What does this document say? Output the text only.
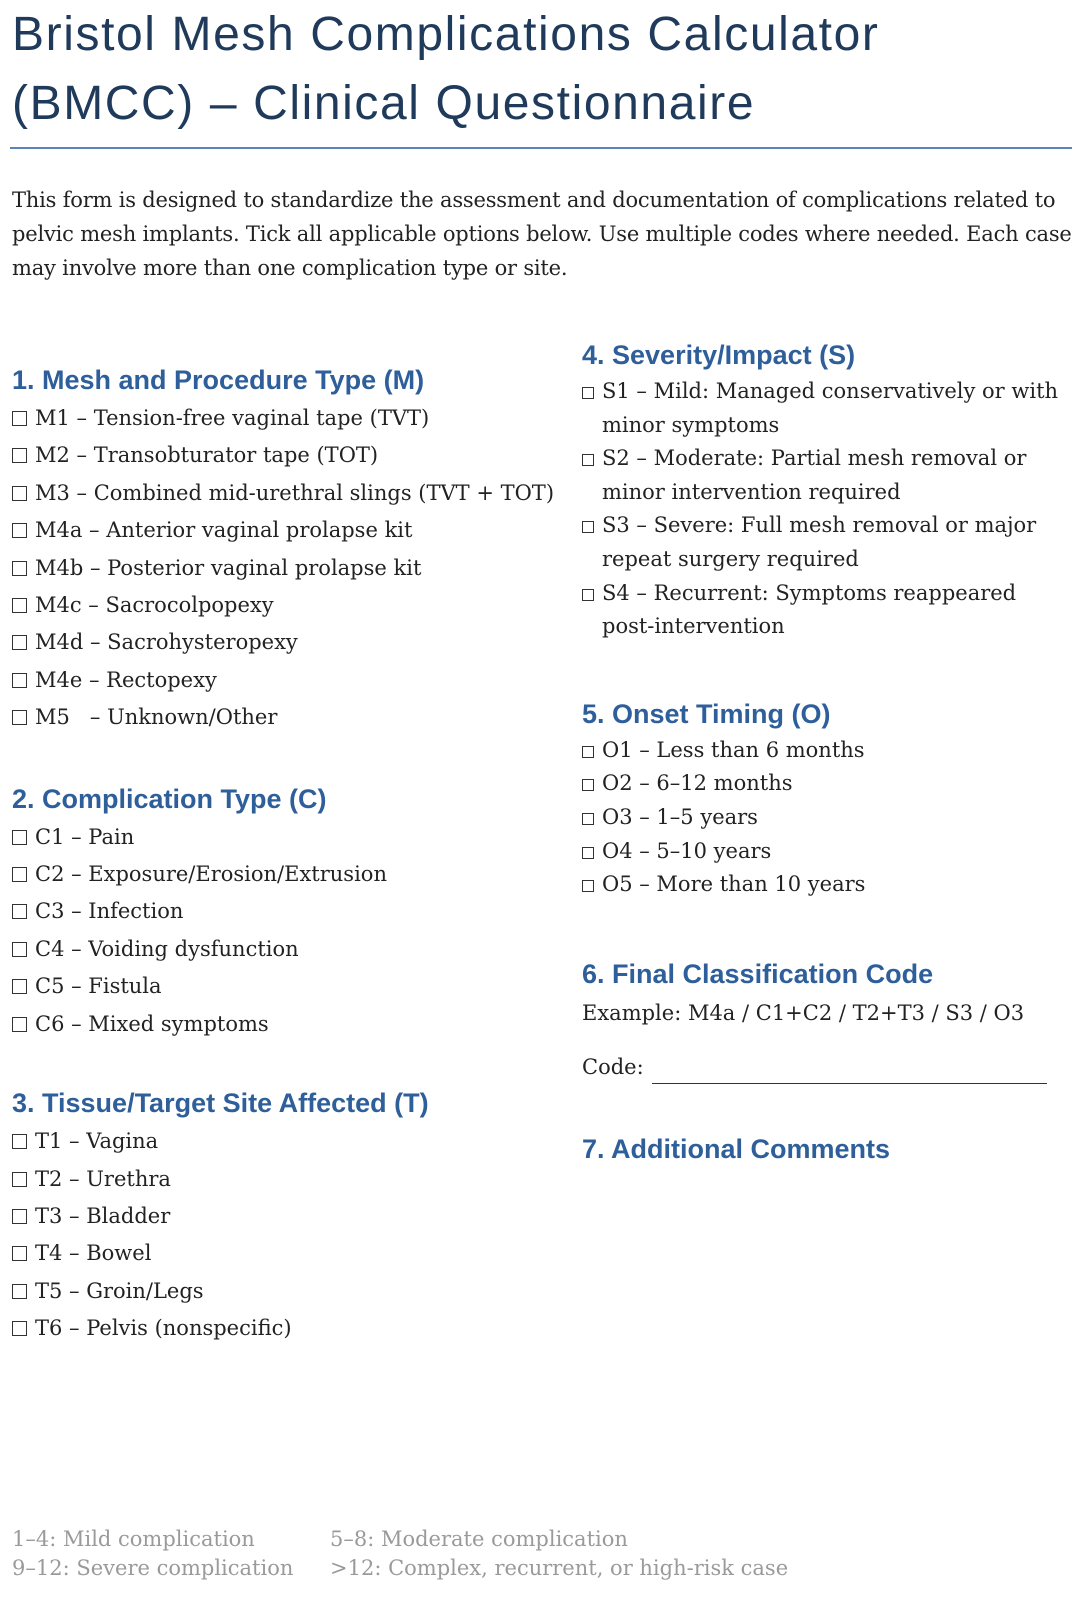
Bristol Mesh Complications Calculator
(BMCC) – Clinical Questionnaire

This form is designed to standardize the assessment and documentation of complications related to pelvic mesh implants. Tick all applicable options below. Use multiple codes where needed. Each case may involve more than one complication type or site.

1. Mesh and Procedure Type (M)
M1 – Tension-free vaginal tape (TVT)
M2 – Transobturator tape (TOT)
M3 – Combined mid-urethral slings (TVT + TOT)
M4a – Anterior vaginal prolapse kit
M4b – Posterior vaginal prolapse kit
M4c – Sacrocolpopexy
M4d – Sacrohysteropexy
M4e – Rectopexy
M5   – Unknown/Other
2. Complication Type (C)
C1 – Pain
C2 – Exposure/Erosion/Extrusion
C3 – Infection
C4 – Voiding dysfunction
C5 – Fistula
C6 – Mixed symptoms
3. Tissue/Target Site Affected (T)
T1 – Vagina
T2 – Urethra
T3 – Bladder
T4 – Bowel
T5 – Groin/Legs
T6 – Pelvis (nonspecific)
4. Severity/Impact (S)
S1 – Mild: Managed conservatively or with minor symptoms
S2 – Moderate: Partial mesh removal or minor intervention required
S3 – Severe: Full mesh removal or major repeat surgery required
S4 – Recurrent: Symptoms reappeared post-intervention
5. Onset Timing (O)
O1 – Less than 6 months
O2 – 6–12 months
O3 – 1–5 years
O4 – 5–10 years
O5 – More than 10 years
6. Final Classification Code

Example: M4a / C1+C2 / T2+T3 / S3 / O3

Code:
7. Additional Comments
1–4: Mild complication	5–8: Moderate complication
9–12: Severe complication	>12: Complex, recurrent, or high-risk case
